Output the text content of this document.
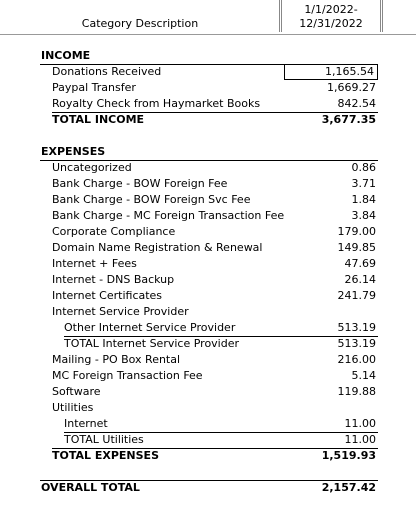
Category Description
1/1/2022-
12/31/2022
INCOME
Donations Received	1,165.54
Paypal Transfer	1,669.27
Royalty Check from Haymarket Books	842.54
TOTAL INCOME	3,677.35
EXPENSES
Uncategorized	0.86
Bank Charge - BOW Foreign Fee	3.71
Bank Charge - BOW Foreign Svc Fee	1.84
Bank Charge - MC Foreign Transaction Fee	3.84
Corporate Compliance	179.00
Domain Name Registration & Renewal	149.85
Internet + Fees	47.69
Internet - DNS Backup	26.14
Internet Certificates	241.79
Internet Service Provider
Other Internet Service Provider	513.19
TOTAL Internet Service Provider	513.19
Mailing - PO Box Rental	216.00
MC Foreign Transaction Fee	5.14
Software	119.88
Utilities
Internet	11.00
TOTAL Utilities	11.00
TOTAL EXPENSES	1,519.93
OVERALL TOTAL	2,157.42
